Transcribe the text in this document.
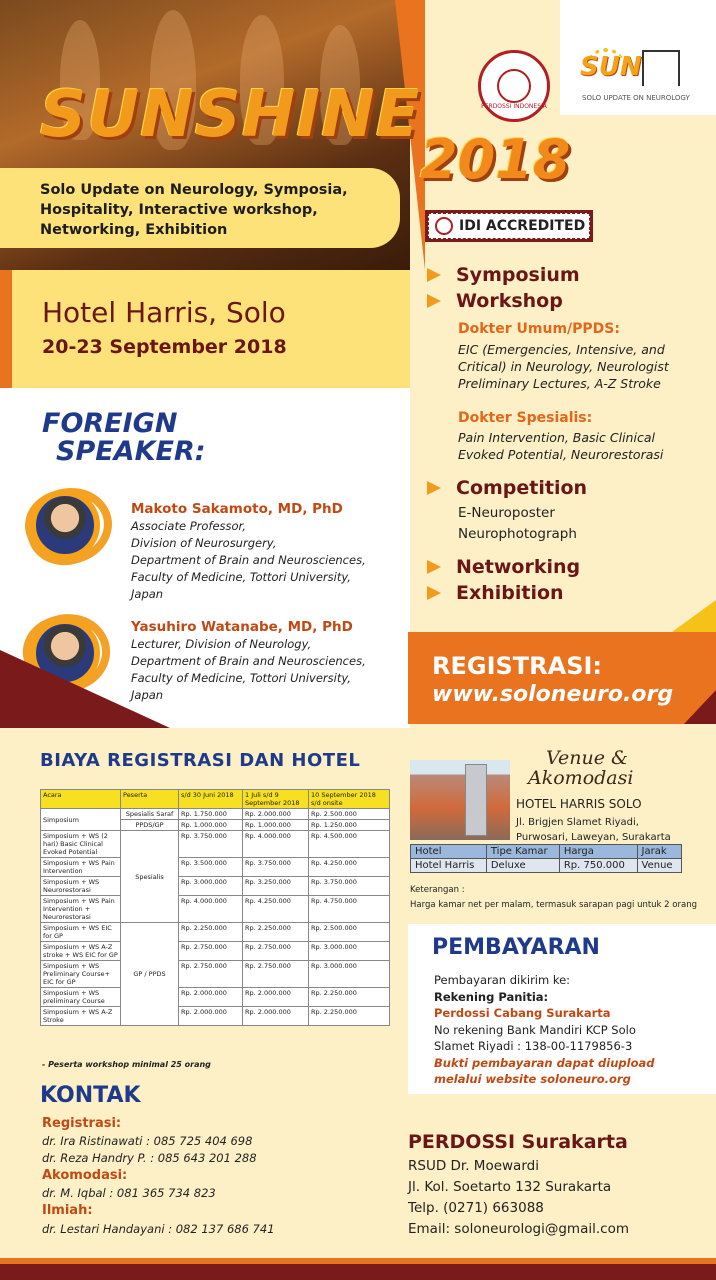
PERDOSSI INDONESIA
SUN
SOLO UPDATE ON NEUROLOGY
SUNSHINE
2018
Solo Update on Neurology, Symposia,
Hospitality, Interactive workshop,
Networking, Exhibition	IDI ACCREDITED
Hotel Harris, Solo
20-23 September 2018
FOREIGN
SPEAKER:
Makoto Sakamoto, MD, PhD
Associate Professor,
Division of Neurosurgery,
Department of Brain and Neurosciences,
Faculty of Medicine, Tottori University,
Japan
Yasuhiro Watanabe, MD, PhD
Lecturer, Division of Neurology,
Department of Brain and Neurosciences,
Faculty of Medicine, Tottori University,
Japan
Symposium
Workshop
Dokter Umum/PPDS:
EIC (Emergencies, Intensive, and
Critical) in Neurology, Neurologist
Preliminary Lectures, A-Z Stroke
Dokter Spesialis:
Pain Intervention, Basic Clinical
Evoked Potential, Neurorestorasi
Competition
E-Neuroposter
Neurophotograph
Networking
Exhibition
REGISTRASI:
www.soloneuro.org
BIAYA REGISTRASI DAN HOTEL
Acara	Peserta	s/d 30 Juni 2018	1 Juli s/d 9 September 2018	10 September 2018 s/d onsite
Simposium	Spesialis Saraf	Rp. 1.750.000	Rp. 2.000.000	Rp. 2.500.000
	PPDS/GP	Rp. 1.000.000	Rp. 1.000.000	Rp. 1.250.000
Simposium + WS (2 hari) Basic Clinical Evoked Potential	Spesialis	Rp. 3.750.000	Rp. 4.000.000	Rp. 4.500.000
Simposium + WS Pain Intervention		Rp. 3.500.000	Rp. 3.750.000	Rp. 4.250.000
Simposium + WS Neurorestorasi		Rp. 3.000.000	Rp. 3.250.000	Rp. 3.750.000
Simposium + WS Pain Intervention + Neurorestorasi		Rp. 4.000.000	Rp. 4.250.000	Rp. 4.750.000
Simposium + WS EIC for GP	GP / PPDS	Rp. 2.250.000	Rp. 2.250.000	Rp. 2.500.000
Simposium + WS A-Z stroke + WS EIC for GP		Rp. 2.750.000	Rp. 2.750.000	Rp. 3.000.000
Simposium + WS Preliminary Course+ EIC for GP		Rp. 2.750.000	Rp. 2.750.000	Rp. 3.000.000
Simposium + WS preliminary Course		Rp. 2.000.000	Rp. 2.000.000	Rp. 2.250.000
Simposium + WS A-Z Stroke		Rp. 2.000.000	Rp. 2.000.000	Rp. 2.250.000
- Peserta workshop minimal 25 orang
Venue &
Akomodasi
HOTEL HARRIS SOLO
Jl. Brigjen Slamet Riyadi,
Purwosari, Laweyan, Surakarta
Hotel	Tipe Kamar	Harga	Jarak
Hotel Harris	Deluxe	Rp. 750.000	Venue
Keterangan :
Harga kamar net per malam, termasuk sarapan pagi untuk 2 orang
PEMBAYARAN
Pembayaran dikirim ke:
Rekening Panitia:
Perdossi Cabang Surakarta
No rekening Bank Mandiri KCP Solo
Slamet Riyadi : 138-00-1179856-3
Bukti pembayaran dapat diupload
melalui website soloneuro.org
KONTAK
Registrasi:
dr. Ira Ristinawati : 085 725 404 698
dr. Reza Handry P. : 085 643 201 288
Akomodasi:
dr. M. Iqbal : 081 365 734 823
Ilmiah:
dr. Lestari Handayani : 082 137 686 741
PERDOSSI Surakarta
RSUD Dr. Moewardi
Jl. Kol. Soetarto 132 Surakarta
Telp. (0271) 663088
Email: soloneurologi@gmail.com
